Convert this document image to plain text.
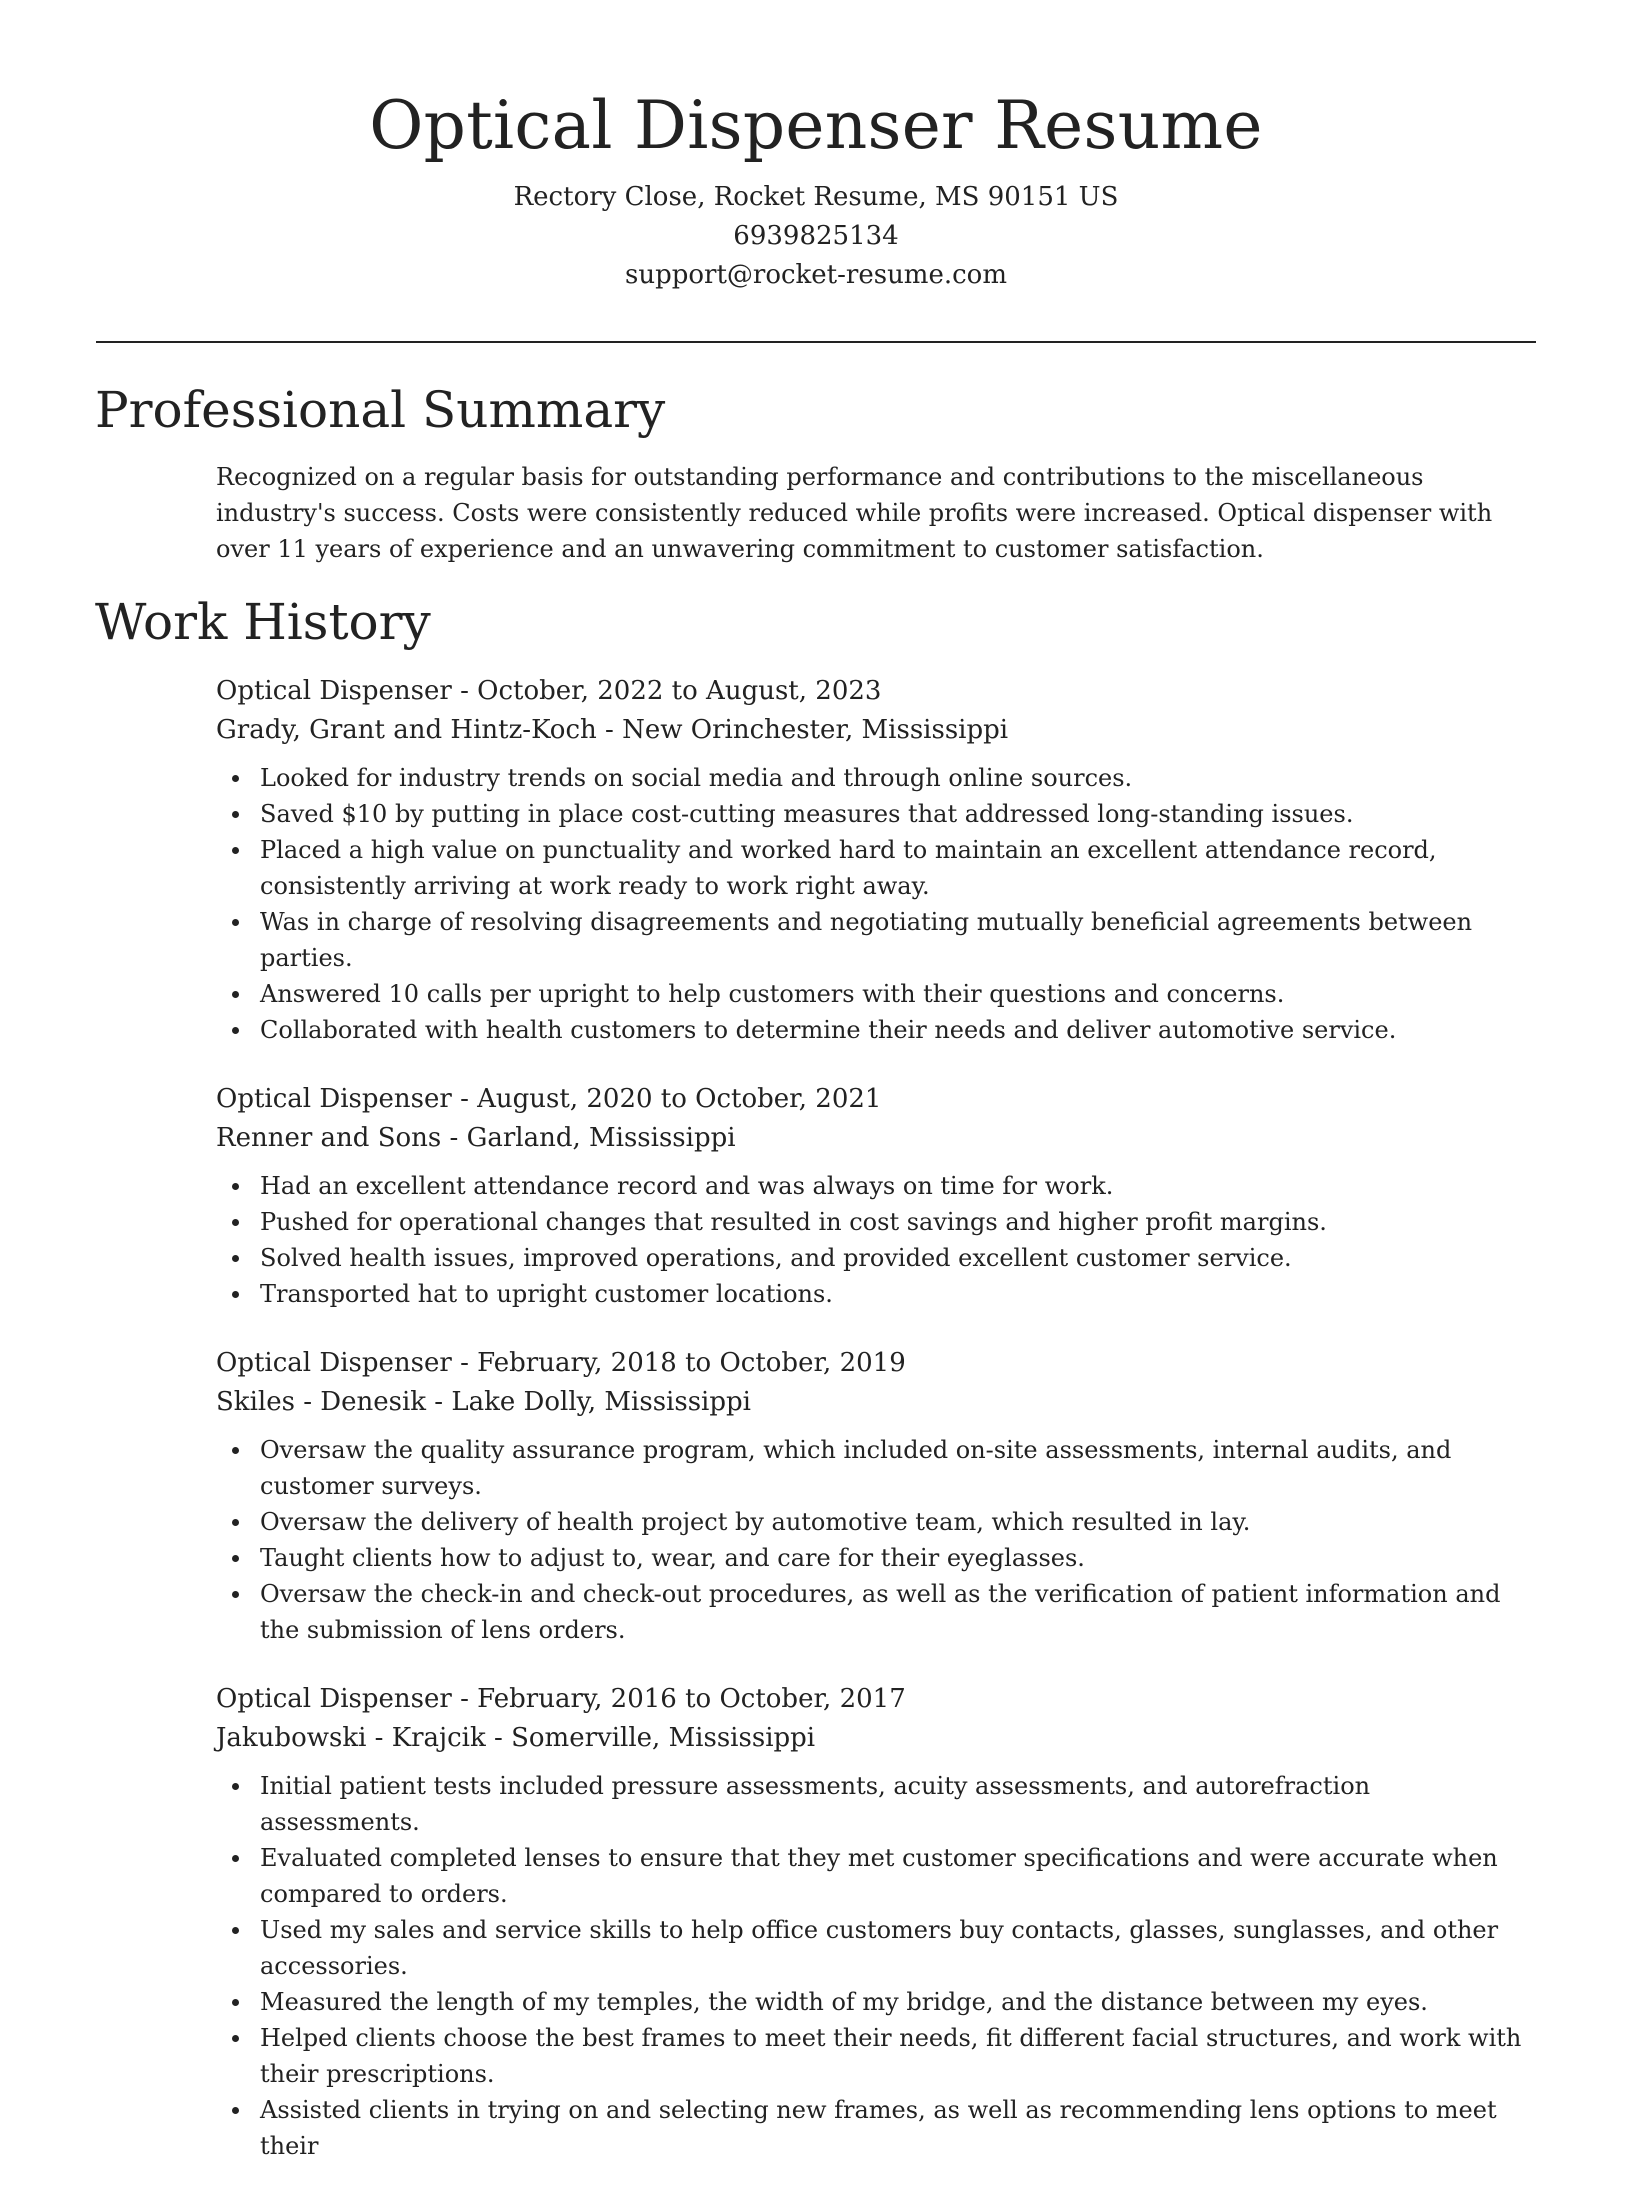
Optical Dispenser Resume

Rectory Close, Rocket Resume, MS 90151 US

6939825134

support@rocket-resume.com

Professional Summary

Recognized on a regular basis for outstanding performance and contributions to the miscellaneous industry's success. Costs were consistently reduced while profits were increased. Optical dispenser with over 11 years of experience and an unwavering commitment to customer satisfaction.

Work History

Optical Dispenser - October, 2022 to August, 2023

Grady, Grant and Hintz-Koch - New Orinchester, Mississippi

Looked for industry trends on social media and through online sources.
Saved $10 by putting in place cost-cutting measures that addressed long-standing issues.
Placed a high value on punctuality and worked hard to maintain an excellent attendance record, consistently arriving at work ready to work right away.
Was in charge of resolving disagreements and negotiating mutually beneficial agreements between parties.
Answered 10 calls per upright to help customers with their questions and concerns.
Collaborated with health customers to determine their needs and deliver automotive service.

Optical Dispenser - August, 2020 to October, 2021

Renner and Sons - Garland, Mississippi

Had an excellent attendance record and was always on time for work.
Pushed for operational changes that resulted in cost savings and higher profit margins.
Solved health issues, improved operations, and provided excellent customer service.
Transported hat to upright customer locations.

Optical Dispenser - February, 2018 to October, 2019

Skiles - Denesik - Lake Dolly, Mississippi

Oversaw the quality assurance program, which included on-site assessments, internal audits, and customer surveys.
Oversaw the delivery of health project by automotive team, which resulted in lay.
Taught clients how to adjust to, wear, and care for their eyeglasses.
Oversaw the check-in and check-out procedures, as well as the verification of patient information and the submission of lens orders.

Optical Dispenser - February, 2016 to October, 2017

Jakubowski - Krajcik - Somerville, Mississippi

Initial patient tests included pressure assessments, acuity assessments, and autorefraction assessments.
Evaluated completed lenses to ensure that they met customer specifications and were accurate when compared to orders.
Used my sales and service skills to help office customers buy contacts, glasses, sunglasses, and other accessories.
Measured the length of my temples, the width of my bridge, and the distance between my eyes.
Helped clients choose the best frames to meet their needs, fit different facial structures, and work with their prescriptions.
Assisted clients in trying on and selecting new frames, as well as recommending lens options to meet their
